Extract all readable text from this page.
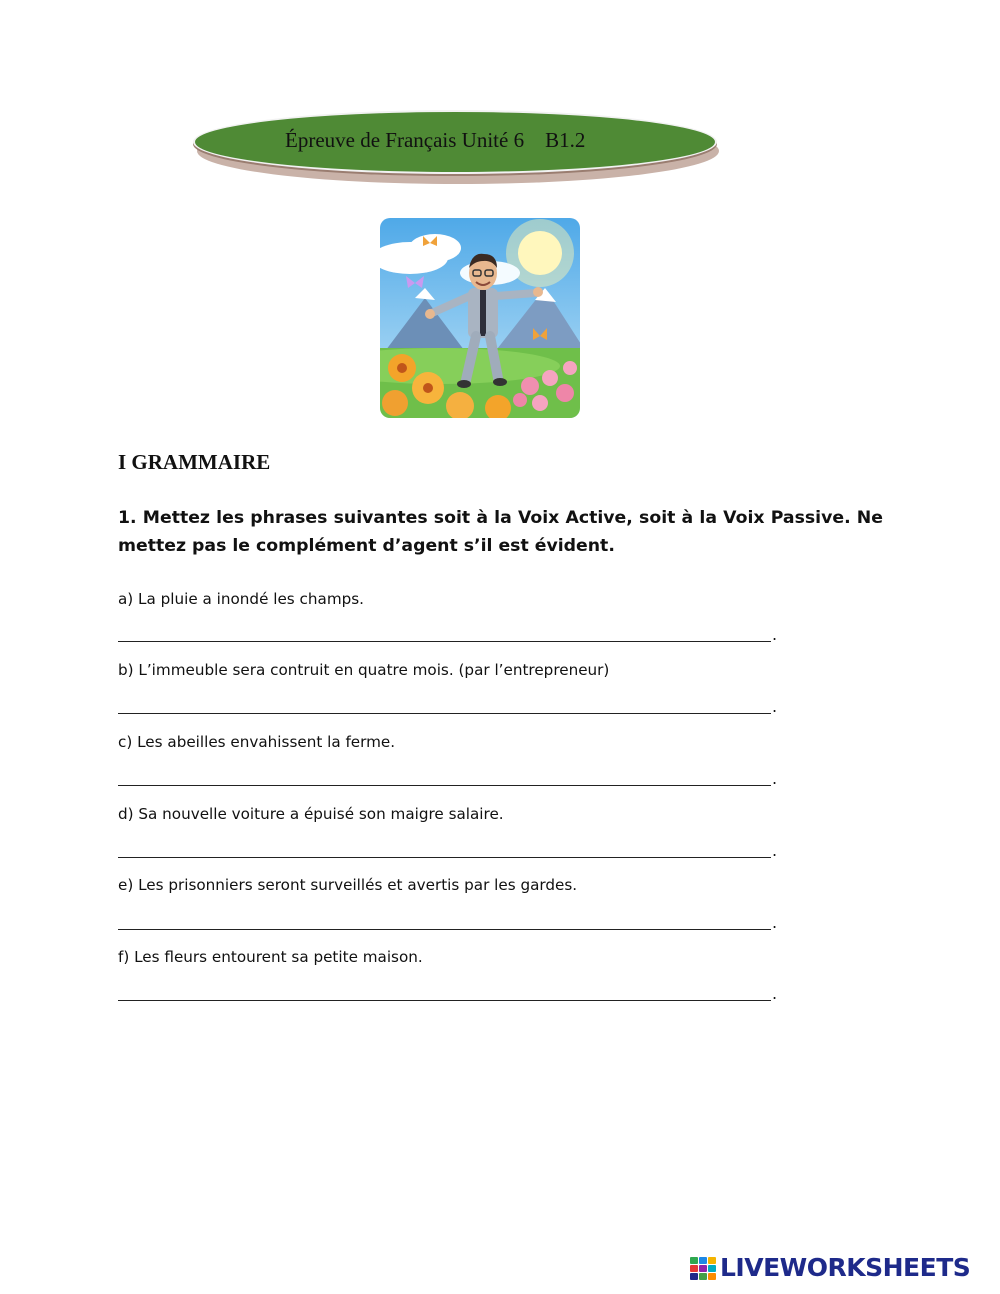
Épreuve de Français Unité 6    B1.2
I GRAMMAIRE
1. Mettez les phrases suivantes soit à la Voix Active, soit à la Voix Passive. Ne mettez pas le complément d’agent s’il est évident.
a) La pluie a inondé les champs.
.
b) L’immeuble sera contruit en quatre mois. (par l’entrepreneur)
.
c) Les abeilles envahissent la ferme.
.
d) Sa nouvelle voiture a épuisé son maigre salaire.
.
e) Les prisonniers seront surveillés et avertis par les gardes.
.
f) Les fleurs entourent sa petite maison.
.
LIVEWORKSHEETS
